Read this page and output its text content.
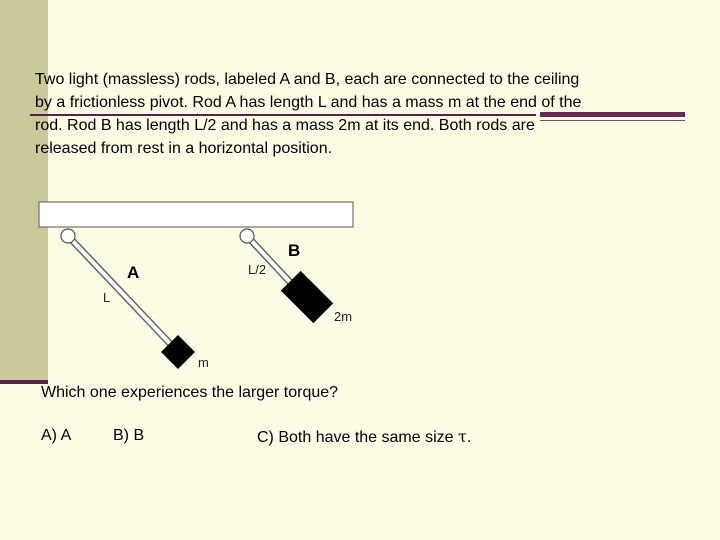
Two light (massless) rods, labeled A and B, each are connected to the ceiling by a frictionless pivot. Rod A has length L and has a mass m at the end of the rod. Rod B has length L/2 and has a mass 2m at its end. Both rods are released from rest in a horizontal position.

A
L
m
B
L/2
2m

Which one experiences the larger torque?

A) A	B) B	C) Both have the same size τ.
